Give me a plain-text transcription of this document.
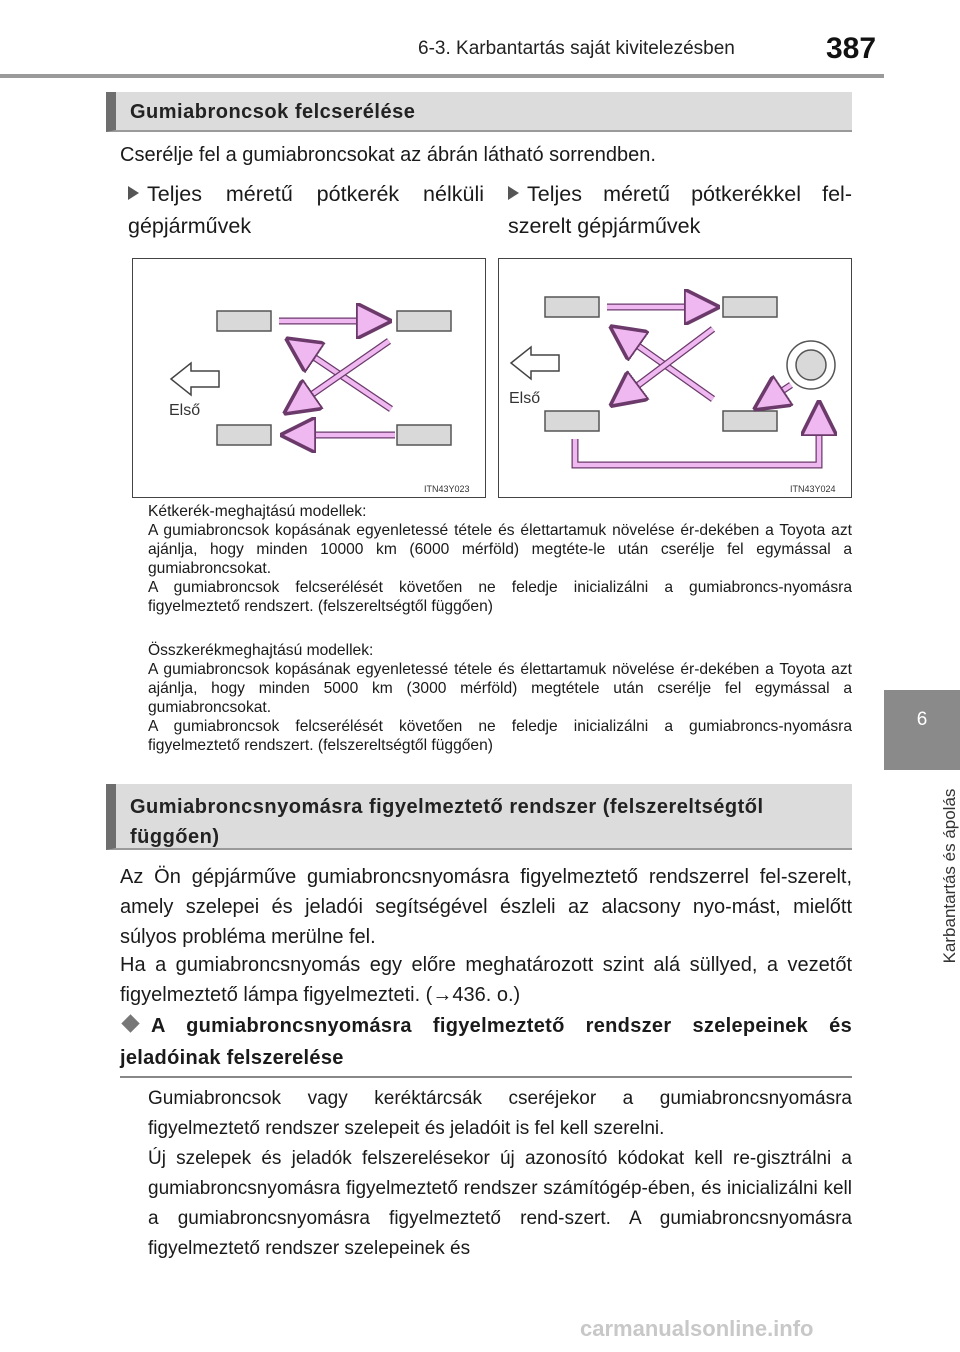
6-3. Karbantartás saját kivitelezésben	387
6
Karbantartás és ápolás
Gumiabroncsok felcserélése
Cserélje fel a gumiabroncsokat az ábrán látható sorrendben.
Teljes méretű pótkerék nélküli gépjárművek
Teljes méretű pótkerékkel fel-szerelt gépjárművek
Első
ITN43Y023
Első
ITN43Y024
Kétkerék-meghajtású modellek:
A gumiabroncsok kopásának egyenletessé tétele és élettartamuk növelése ér-dekében a Toyota azt ajánlja, hogy minden 10000 km (6000 mérföld) megtéte-le után cserélje fel egymással a gumiabroncsokat.
A gumiabroncsok felcserélését követően ne feledje inicializálni a gumiabroncs-nyomásra figyelmeztető rendszert. (felszereltségtől függően)
Összkerékmeghajtású modellek:
A gumiabroncsok kopásának egyenletessé tétele és élettartamuk növelése ér-dekében a Toyota azt ajánlja, hogy minden 5000 km (3000 mérföld) megtétele után cserélje fel egymással a gumiabroncsokat.
A gumiabroncsok felcserélését követően ne feledje inicializálni a gumiabroncs-nyomásra figyelmeztető rendszert. (felszereltségtől függően)
Gumiabroncsnyomásra figyelmeztető rendszer (felszereltségtől függően)
Az Ön gépjárműve gumiabroncsnyomásra figyelmeztető rendszerrel fel-szerelt, amely szelepei és jeladói segítségével észleli az alacsony nyo-mást, mielőtt súlyos probléma merülne fel.
Ha a gumiabroncsnyomás egy előre meghatározott szint alá süllyed, a vezetőt figyelmeztető lámpa figyelmezteti. (→436. o.)
A gumiabroncsnyomásra figyelmeztető rendszer szelepeinek és jeladóinak felszerelése
Gumiabroncsok vagy keréktárcsák cseréjekor a gumiabroncsnyomásra figyelmeztető rendszer szelepeit és jeladóit is fel kell szerelni.
Új szelepek és jeladók felszerelésekor új azonosító kódokat kell re-gisztrálni a gumiabroncsnyomásra figyelmeztető rendszer számítógép-ében, és inicializálni kell a gumiabroncsnyomásra figyelmeztető rend-szert. A gumiabroncsnyomásra figyelmeztető rendszer szelepeinek és
carmanualsonline.info
